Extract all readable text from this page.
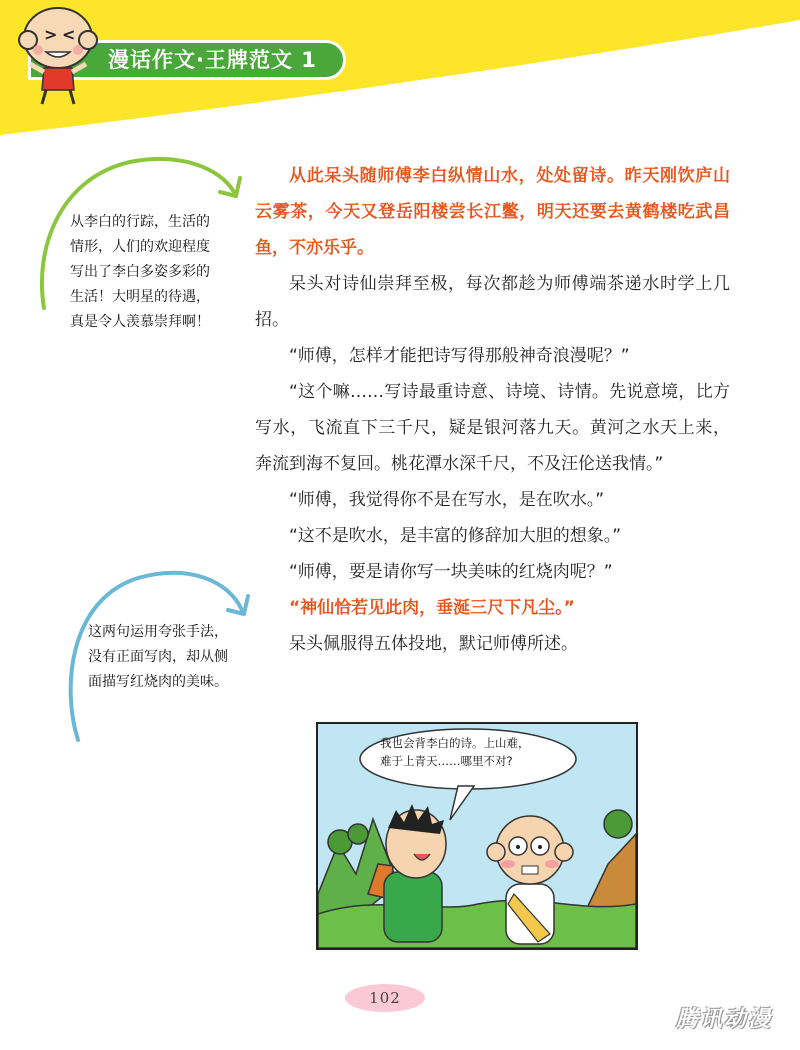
漫话作文·王牌范文 1
> <
从李白的行踪，生活的情形，人们的欢迎程度写出了李白多姿多彩的生活！大明星的待遇，真是令人羡慕崇拜啊！
这两句运用夸张手法，没有正面写肉，却从侧面描写红烧肉的美味。

从此呆头随师傅李白纵情山水，处处留诗。昨天刚饮庐山云雾茶，今天又登岳阳楼尝长江鳖，明天还要去黄鹤楼吃武昌鱼，不亦乐乎。

呆头对诗仙崇拜至极，每次都趁为师傅端茶递水时学上几招。

“师傅，怎样才能把诗写得那般神奇浪漫呢？”

“这个嘛……写诗最重诗意、诗境、诗情。先说意境，比方写水，飞流直下三千尺，疑是银河落九天。黄河之水天上来，奔流到海不复回。桃花潭水深千尺，不及汪伦送我情。”

“师傅，我觉得你不是在写水，是在吹水。”

“这不是吹水，是丰富的修辞加大胆的想象。”

“师傅，要是请你写一块美味的红烧肉呢？”

“神仙恰若见此肉，垂涎三尺下凡尘。”

呆头佩服得五体投地，默记师傅所述。

我也会背李白的诗。上山难，
难于上青天……哪里不对?
102
腾讯动漫
